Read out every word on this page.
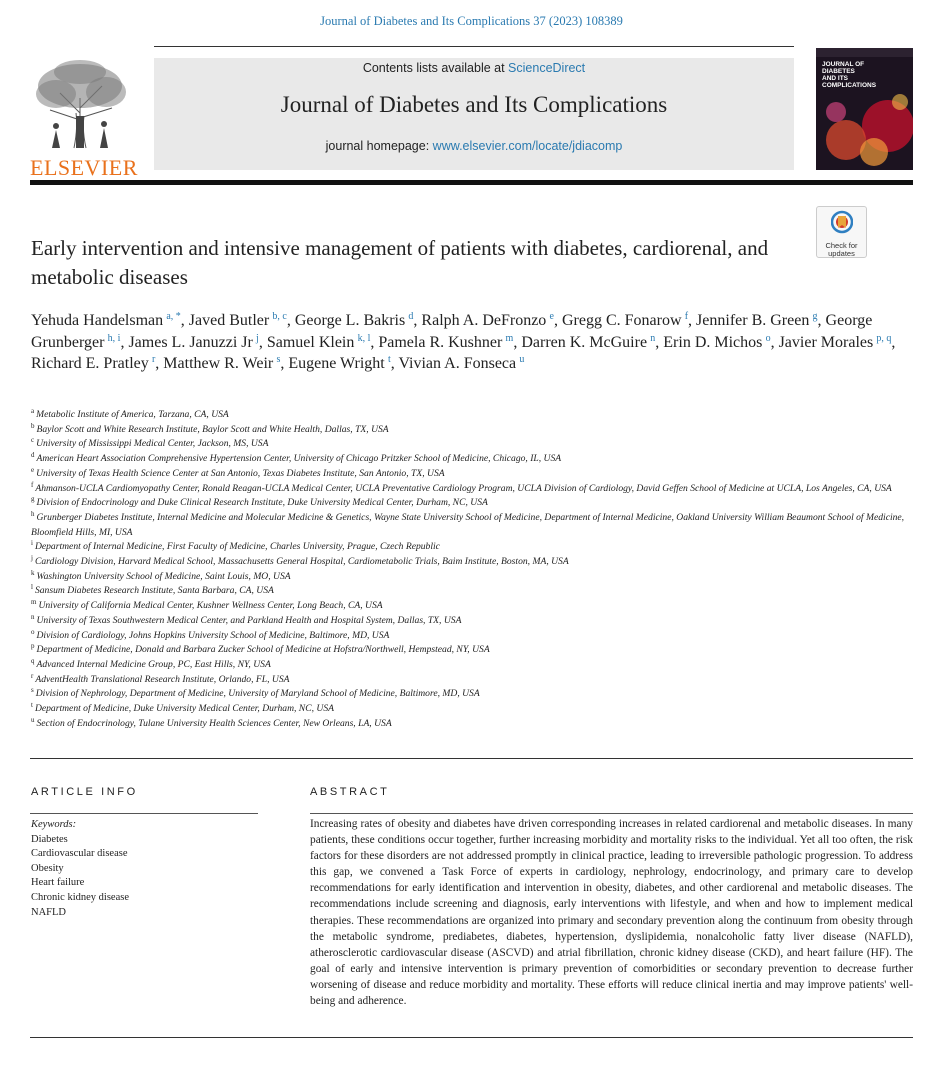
Journal of Diabetes and Its Complications 37 (2023) 108389
ELSEVIER
Contents lists available at ScienceDirect
Journal of Diabetes and Its Complications
journal homepage: www.elsevier.com/locate/jdiacomp
JOURNAL OF
DIABETES
AND ITS
COMPLICATIONS
Check for
updates
Early intervention and intensive management of patients with diabetes, cardiorenal, and metabolic diseases
Yehuda Handelsman  $^{a, *}$, Javed Butler  $^{b, c}$, George L. Bakris  $^d$, Ralph A. DeFronzo  $^e$, Gregg C. Fonarow  $^f$, Jennifer B. Green  $^g$, George Grunberger  $^{h, i}$, James L. Januzzi Jr  $^j$, Samuel Klein  $^{k, l}$, Pamela R. Kushner  $^m$, Darren K. McGuire  $^n$, Erin D. Michos  $^o$, Javier Morales  $^{p, q}$, Richard E. Pratley  $^r$, Matthew R. Weir  $^s$, Eugene Wright  $^t$, Vivian A. Fonseca  $^u$
$^a$ Metabolic Institute of America, Tarzana, CA, USA
$^b$ Baylor Scott and White Research Institute, Baylor Scott and White Health, Dallas, TX, USA
$^c$ University of Mississippi Medical Center, Jackson, MS, USA
$^d$ American Heart Association Comprehensive Hypertension Center, University of Chicago Pritzker School of Medicine, Chicago, IL, USA
$^e$ University of Texas Health Science Center at San Antonio, Texas Diabetes Institute, San Antonio, TX, USA
$^f$ Ahmanson-UCLA Cardiomyopathy Center, Ronald Reagan-UCLA Medical Center, UCLA Preventative Cardiology Program, UCLA Division of Cardiology, David Geffen School of Medicine at UCLA, Los Angeles, CA, USA
$^g$ Division of Endocrinology and Duke Clinical Research Institute, Duke University Medical Center, Durham, NC, USA
$^h$ Grunberger Diabetes Institute, Internal Medicine and Molecular Medicine & Genetics, Wayne State University School of Medicine, Department of Internal Medicine, Oakland University William Beaumont School of Medicine, Bloomfield Hills, MI, USA
$^i$ Department of Internal Medicine, First Faculty of Medicine, Charles University, Prague, Czech Republic
$^j$ Cardiology Division, Harvard Medical School, Massachusetts General Hospital, Cardiometabolic Trials, Baim Institute, Boston, MA, USA
$^k$ Washington University School of Medicine, Saint Louis, MO, USA
$^l$ Sansum Diabetes Research Institute, Santa Barbara, CA, USA
$^m$ University of California Medical Center, Kushner Wellness Center, Long Beach, CA, USA
$^n$ University of Texas Southwestern Medical Center, and Parkland Health and Hospital System, Dallas, TX, USA
$^o$ Division of Cardiology, Johns Hopkins University School of Medicine, Baltimore, MD, USA
$^p$ Department of Medicine, Donald and Barbara Zucker School of Medicine at Hofstra/Northwell, Hempstead, NY, USA
$^q$ Advanced Internal Medicine Group, PC, East Hills, NY, USA
$^r$ AdventHealth Translational Research Institute, Orlando, FL, USA
$^s$ Division of Nephrology, Department of Medicine, University of Maryland School of Medicine, Baltimore, MD, USA
$^t$ Department of Medicine, Duke University Medical Center, Durham, NC, USA
$^u$ Section of Endocrinology, Tulane University Health Sciences Center, New Orleans, LA, USA
ARTICLE INFO	ABSTRACT
Keywords:
Diabetes
Cardiovascular disease
Obesity
Heart failure
Chronic kidney disease
NAFLD
Increasing rates of obesity and diabetes have driven corresponding increases in related cardiorenal and metabolic diseases. In many patients, these conditions occur together, further increasing morbidity and mortality risks to the individual. Yet all too often, the risk factors for these disorders are not addressed promptly in clinical practice, leading to irreversible pathologic progression. To address this gap, we convened a Task Force of experts in cardiology, nephrology, endocrinology, and primary care to develop recommendations for early identification and intervention in obesity, diabetes, and other cardiorenal and metabolic diseases. The recommendations include screening and diagnosis, early interventions with lifestyle, and when and how to implement medical therapies. These recommendations are organized into primary and secondary prevention along the continuum from obesity through the metabolic syndrome, prediabetes, diabetes, hypertension, dyslipidemia, nonalcoholic fatty liver disease (NAFLD), atherosclerotic cardiovascular disease (ASCVD) and atrial fibrillation, chronic kidney disease (CKD), and heart failure (HF). The goal of early and intensive intervention is primary prevention of comorbidities or secondary prevention to decrease further worsening of disease and reduce morbidity and mortality. These efforts will reduce clinical inertia and may improve patients' well-being and adherence.
